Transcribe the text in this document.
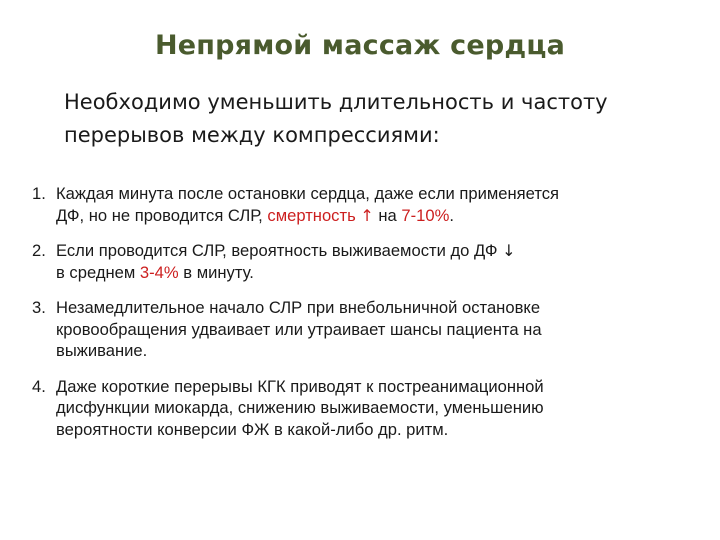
Непрямой массаж сердца
Необходимо уменьшить длительность и частоту
перерывов между компрессиями:
1. Каждая минута после остановки сердца, даже если применяется
ДФ, но не проводится СЛР, смертность ↑ на 7-10%.
2. Если проводится СЛР, вероятность выживаемости до ДФ ↓
в среднем 3-4% в минуту.
3. Незамедлительное начало СЛР при внебольничной остановке
кровообращения удваивает или утраивает шансы пациента на
выживание.
4. Даже короткие перерывы КГК приводят к постреанимационной
дисфункции миокарда, снижению выживаемости, уменьшению
вероятности конверсии ФЖ в какой-либо др. ритм.
